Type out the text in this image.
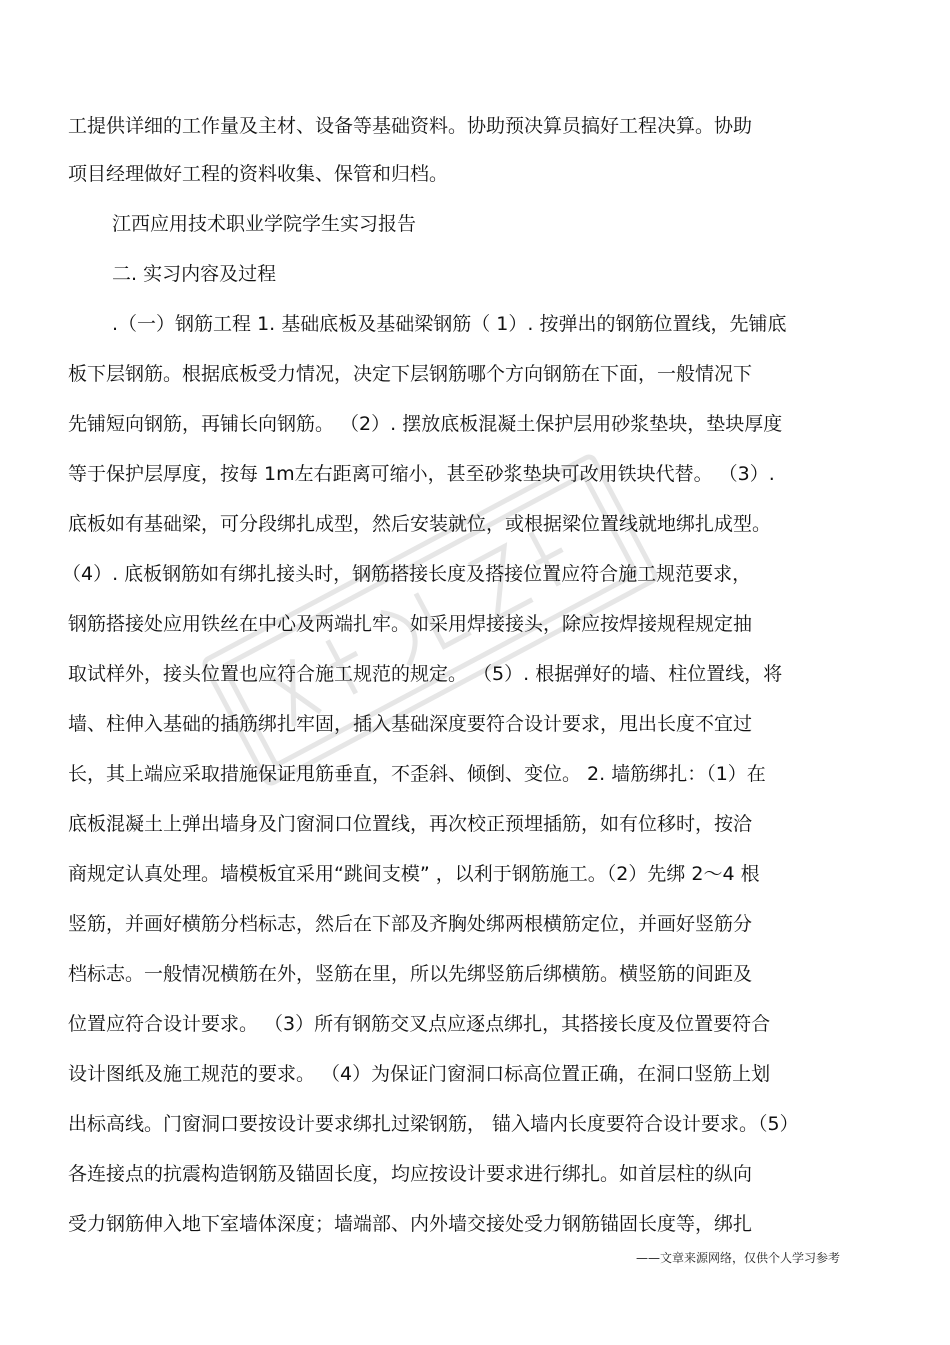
工提供详细的工作量及主材、设备等基础资料。协助预决算员搞好工程决算。协助
项目经理做好工程的资料收集、保管和归档。
江西应用技术职业学院学生实习报告
二. 实习内容及过程
.（一）钢筋工程 1. 基础底板及基础梁钢筋（ 1）. 按弹出的钢筋位置线，先铺底
板下层钢筋。根据底板受力情况，决定下层钢筋哪个方向钢筋在下面，一般情况下
先铺短向钢筋，再铺长向钢筋。 （2）. 摆放底板混凝土保护层用砂浆垫块，垫块厚度
等于保护层厚度，按每 1m左右距离可缩小，甚至砂浆垫块可改用铁块代替。 （3）.
底板如有基础梁，可分段绑扎成型，然后安装就位，或根据梁位置线就地绑扎成型。
（4）. 底板钢筋如有绑扎接头时，钢筋搭接长度及搭接位置应符合施工规范要求，
钢筋搭接处应用铁丝在中心及两端扎牢。如采用焊接接头，除应按焊接规程规定抽
取试样外，接头位置也应符合施工规范的规定。 （5）. 根据弹好的墙、柱位置线，将
墙、柱伸入基础的插筋绑扎牢固，插入基础深度要符合设计要求，甩出长度不宜过
长，其上端应采取措施保证甩筋垂直，不歪斜、倾倒、变位。 2. 墙筋绑扎：（1）在
底板混凝土上弹出墙身及门窗洞口位置线，再次校正预埋插筋，如有位移时，按洽
商规定认真处理。墙模板宜采用“跳间支模” ，以利于钢筋施工。（2）先绑 2～4 根
竖筋，并画好横筋分档标志，然后在下部及齐胸处绑两根横筋定位，并画好竖筋分
档标志。一般情况横筋在外，竖筋在里，所以先绑竖筋后绑横筋。横竖筋的间距及
位置应符合设计要求。 （3）所有钢筋交叉点应逐点绑扎，其搭接长度及位置要符合
设计图纸及施工规范的要求。 （4）为保证门窗洞口标高位置正确，在洞口竖筋上划
出标高线。门窗洞口要按设计要求绑扎过梁钢筋， 锚入墙内长度要符合设计要求。（5）
各连接点的抗震构造钢筋及锚固长度，均应按设计要求进行绑扎。如首层柱的纵向
受力钢筋伸入地下室墙体深度；墙端部、内外墙交接处受力钢筋锚固长度等，绑扎
——文章来源网络，仅供个人学习参考
